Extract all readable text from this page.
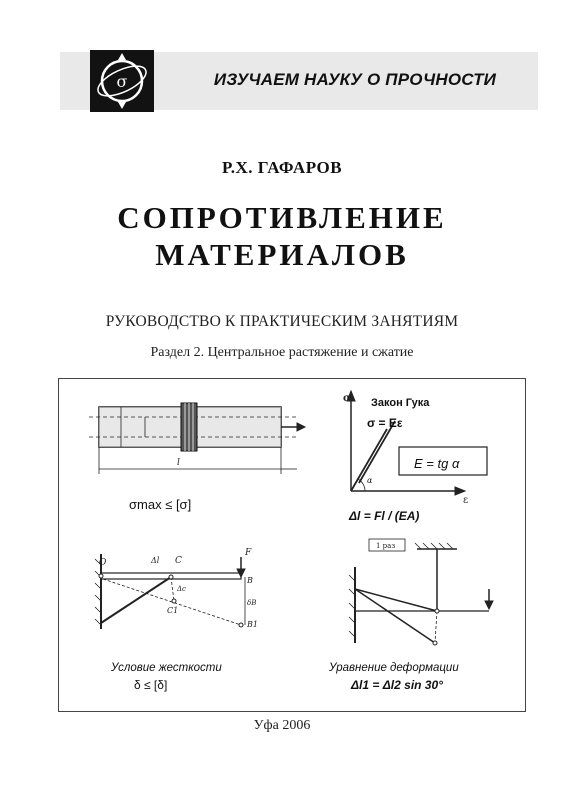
σ	ИЗУЧАЕМ НАУКУ О ПРОЧНОСТИ
Р.Х. ГАФАРОВ
СОПРОТИВЛЕНИЕ
МАТЕРИАЛОВ
РУКОВОДСТВО К ПРАКТИЧЕСКИМ ЗАНЯТИЯМ
Раздел 2. Центральное растяжение и сжатие
l
σ
ε
α
O	Δl C
F
B
Δc
δB
C1
B1
1 раз
σmax ≤ [σ]
Закон Гука
σ = Eε
E = tg α
Δl = Fl / (EA)
Условие жесткости
δ ≤ [δ]
Уравнение деформации
Δl1 = Δl2 sin 30°
Уфа 2006
